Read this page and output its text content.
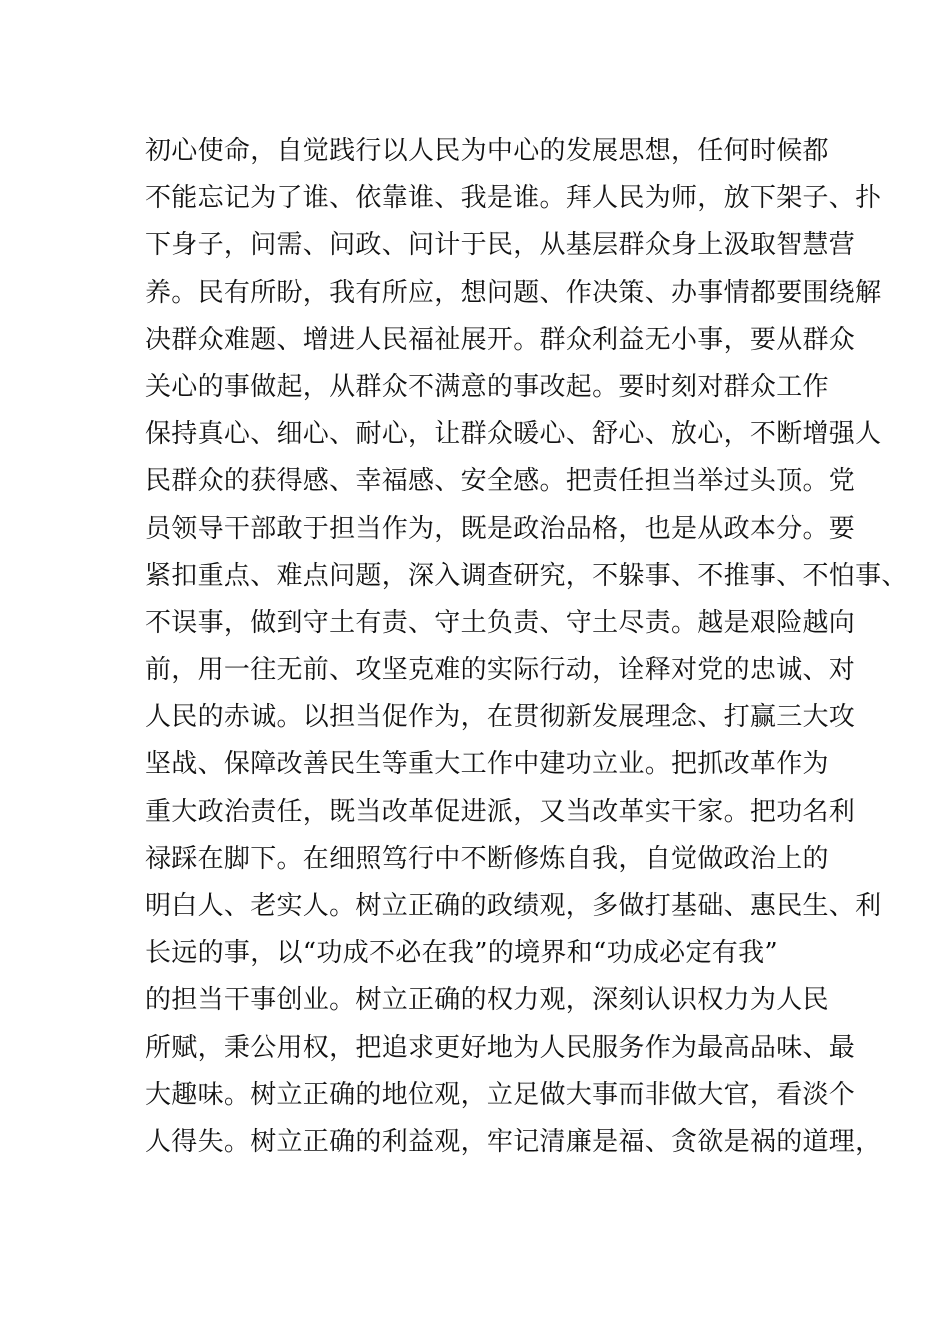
初心使命，自觉践行以人民为中心的发展思想，任何时候都
不能忘记为了谁、依靠谁、我是谁。拜人民为师，放下架子、扑
下身子，问需、问政、问计于民，从基层群众身上汲取智慧营
养。民有所盼，我有所应，想问题、作决策、办事情都要围绕解
决群众难题、增进人民福祉展开。群众利益无小事，要从群众
关心的事做起，从群众不满意的事改起。要时刻对群众工作
保持真心、细心、耐心，让群众暖心、舒心、放心，不断增强人
民群众的获得感、幸福感、安全感。把责任担当举过头顶。党
员领导干部敢于担当作为，既是政治品格，也是从政本分。要
紧扣重点、难点问题，深入调查研究，不躲事、不推事、不怕事、
不误事，做到守土有责、守土负责、守土尽责。越是艰险越向
前，用一往无前、攻坚克难的实际行动，诠释对党的忠诚、对
人民的赤诚。以担当促作为，在贯彻新发展理念、打赢三大攻
坚战、保障改善民生等重大工作中建功立业。把抓改革作为
重大政治责任，既当改革促进派，又当改革实干家。把功名利
禄踩在脚下。在细照笃行中不断修炼自我，自觉做政治上的
明白人、老实人。树立正确的政绩观，多做打基础、惠民生、利
长远的事，以“功成不必在我”的境界和“功成必定有我”
的担当干事创业。树立正确的权力观，深刻认识权力为人民
所赋，秉公用权，把追求更好地为人民服务作为最高品味、最
大趣味。树立正确的地位观，立足做大事而非做大官，看淡个
人得失。树立正确的利益观，牢记清廉是福、贪欲是祸的道理，
